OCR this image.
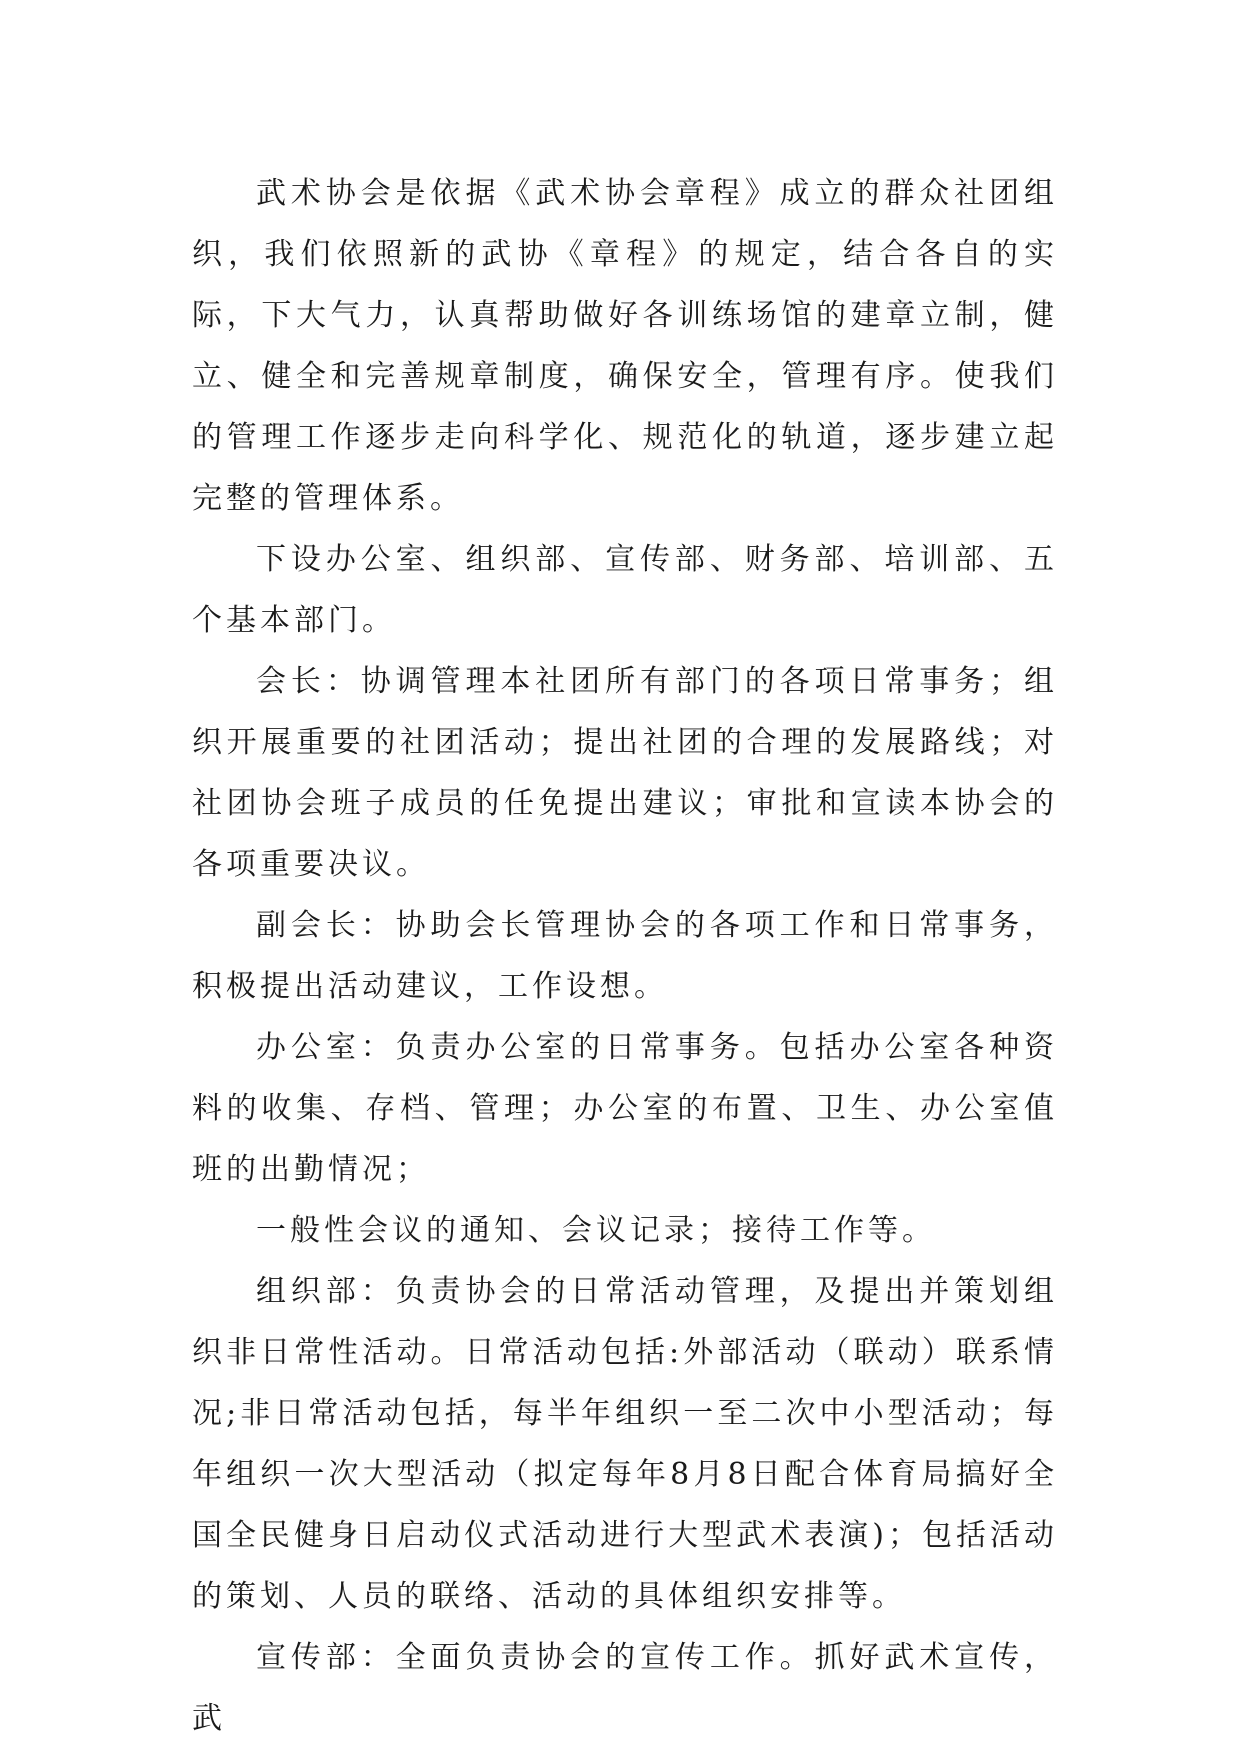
武术协会是依据《武术协会章程》成立的群众社团组织，我们依照新的武协《章程》的规定，结合各自的实际，下大气力，认真帮助做好各训练场馆的建章立制，健立、健全和完善规章制度，确保安全，管理有序。使我们的管理工作逐步走向科学化、规范化的轨道，逐步建立起完整的管理体系。

下设办公室、组织部、宣传部、财务部、培训部、五个基本部门。

会长：协调管理本社团所有部门的各项日常事务；组织开展重要的社团活动；提出社团的合理的发展路线；对社团协会班子成员的任免提出建议；审批和宣读本协会的各项重要决议。

副会长：协助会长管理协会的各项工作和日常事务，积极提出活动建议，工作设想。

办公室：负责办公室的日常事务。包括办公室各种资料的收集、存档、管理；办公室的布置、卫生、办公室值班的出勤情况；

一般性会议的通知、会议记录；接待工作等。

组织部：负责协会的日常活动管理，及提出并策划组织非日常性活动。日常活动包括:外部活动（联动）联系情况;非日常活动包括，每半年组织一至二次中小型活动；每年组织一次大型活动（拟定每年8月8日配合体育局搞好全国全民健身日启动仪式活动进行大型武术表演)；包括活动的策划、人员的联络、活动的具体组织安排等。

宣传部：全面负责协会的宣传工作。抓好武术宣传，武
